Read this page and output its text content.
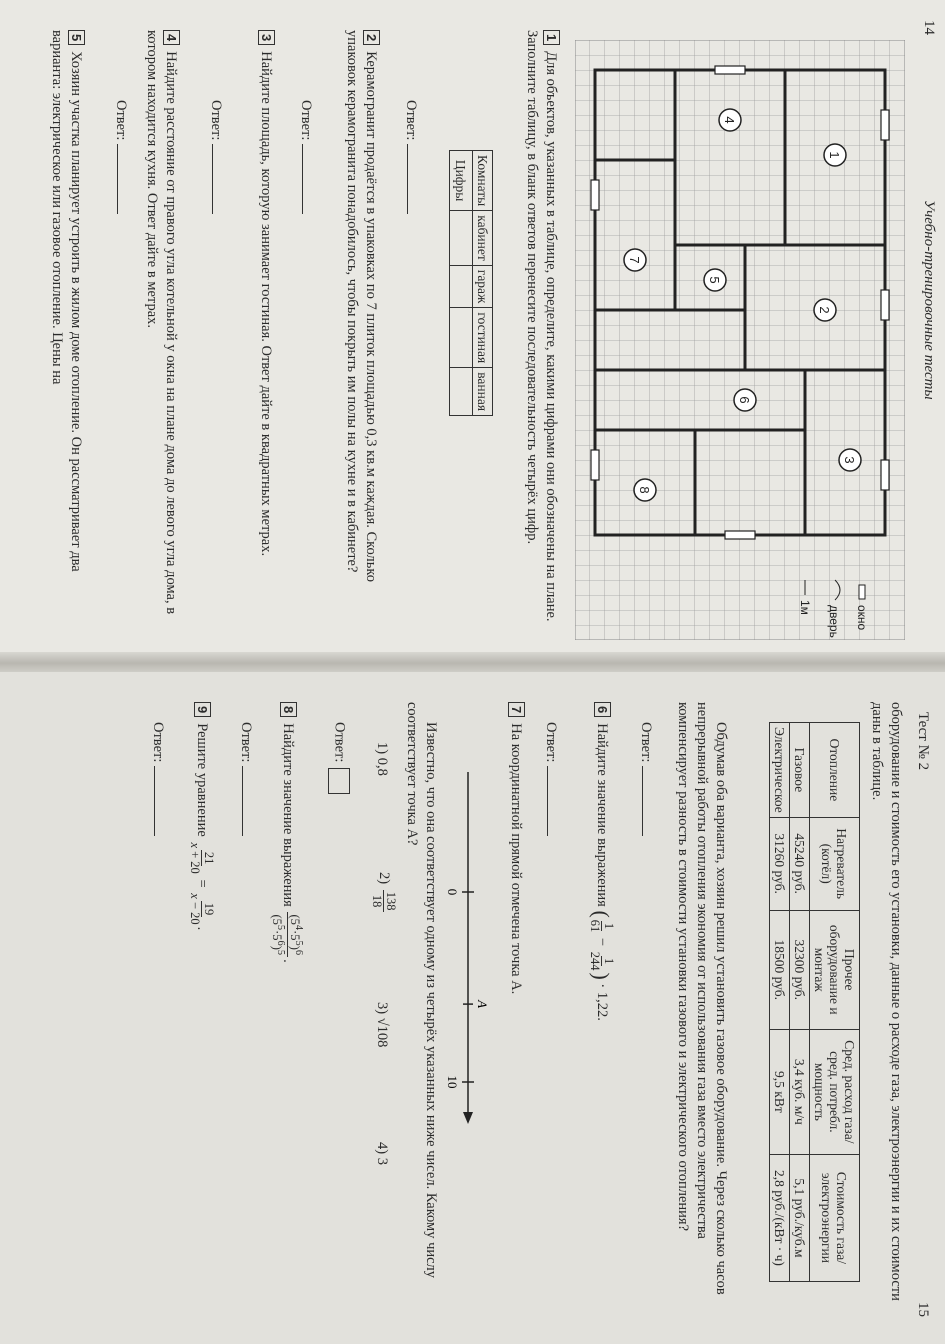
14
Учебно-тренировочные тесты
1
2
3
4
5
6
7
8
окно
дверь
1м
1Для объектов, указанных в таблице, определите, какими цифрами они обозначены на плане. Заполните таблицу, в бланк ответов перенесите последовательность четырёх цифр.
Комнаты	кабинет	гараж	гостиная	ванная
Цифры				
Ответ:
2Керамогранит продаётся в упаковках по 7 плиток площадью 0,3 кв.м каждая. Сколько упаковок керамогранита понадобилось, чтобы покрыть им полы на кухне и в кабинете?
Ответ:
3Найдите площадь, которую занимает гостиная. Ответ дайте в квадратных метрах.
Ответ:
4Найдите расстояние от правого угла котельной у окна на плане дома до левого угла дома, в котором находится кухня. Ответ дайте в метрах.
Ответ:
5Хозяин участка планирует устроить в жилом доме отопление. Он рассматривает два варианта: электрическое или газовое отопление. Цены на
Тест № 2
15
оборудование и стоимость его установки, данные о расходе газа, электроэнергии и их стоимости даны в таблице.
Отопление	Нагреватель (котёл)	Прочее оборудование и монтаж	Сред. расход газа/ сред. потребл. мощность	Стоимость газа/электроэнергии
Газовое	45240 руб.	32300 руб.	3,4 куб. м/ч	5,1 руб./куб.м
Электрическое	31260 руб.	18500 руб.	9,5 кВт	2,8 руб./(кВт · ч)
Обдумав оба варианта, хозяин решил установить газовое оборудование. Через сколько часов непрерывной работы отопления экономия от использования газа вместо электричества компенсирует разность в стоимости установки газового и электрического отопления?
Ответ:
6Найдите значение выражения (
1
61
−
1
244
) · 1,22.
Ответ:
7На координатной прямой отмечена точка A.
0
10
A
Известно, что она соответствует одному из четырёх указанных ниже чисел. Какому числу соответствует точка A?
1) 0,8
2)
138
18
3) √108
4) 3
Ответ:
8Найдите значение выражения
$(5^4\cdot 5^5)^6$
$(5^5\cdot 5^6)^5$
.
Ответ:
9Решите уравнение
21
x + 20
=
19
x − 20
.
Ответ:
